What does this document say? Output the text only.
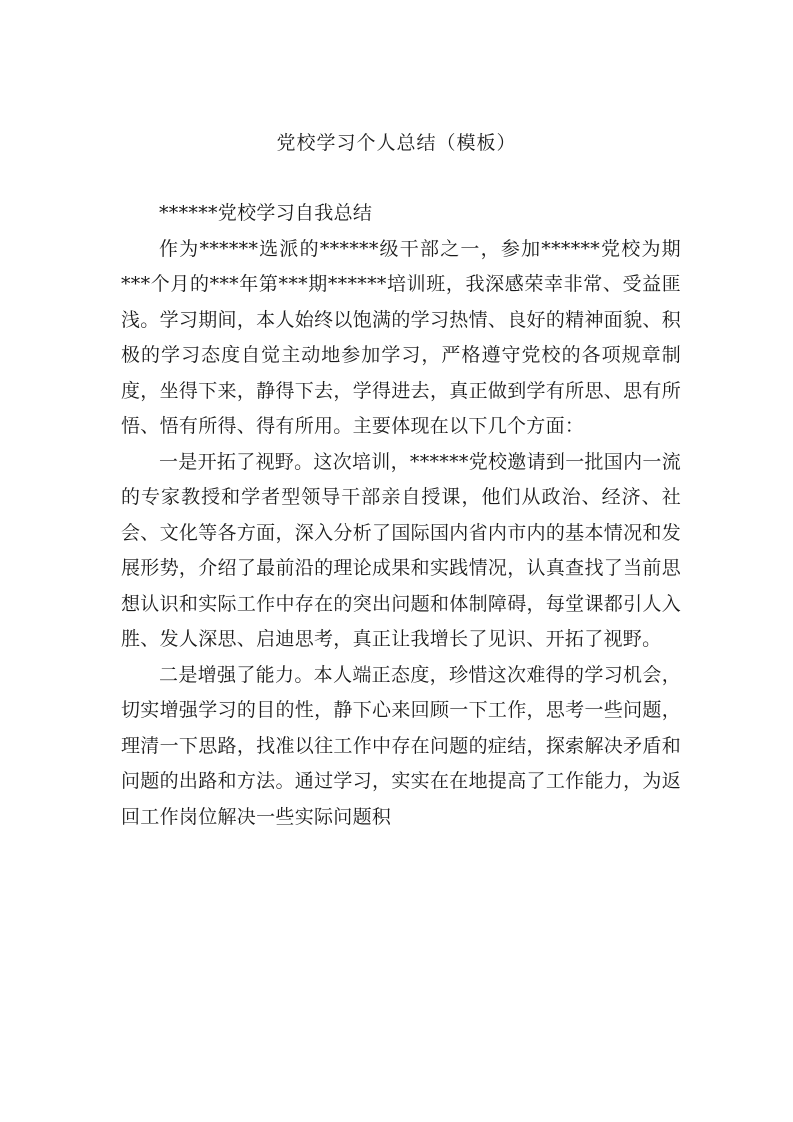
党校学习个人总结（模板）

******党校学习自我总结

作为******选派的******级干部之一，参加******党校为期***个月的***年第***期******培训班，我深感荣幸非常、受益匪浅。学习期间，本人始终以饱满的学习热情、良好的精神面貌、积极的学习态度自觉主动地参加学习，严格遵守党校的各项规章制度，坐得下来，静得下去，学得进去，真正做到学有所思、思有所悟、悟有所得、得有所用。主要体现在以下几个方面：

一是开拓了视野。这次培训，******党校邀请到一批国内一流的专家教授和学者型领导干部亲自授课，他们从政治、经济、社会、文化等各方面，深入分析了国际国内省内市内的基本情况和发展形势，介绍了最前沿的理论成果和实践情况，认真查找了当前思想认识和实际工作中存在的突出问题和体制障碍，每堂课都引人入胜、发人深思、启迪思考，真正让我增长了见识、开拓了视野。

二是增强了能力。本人端正态度，珍惜这次难得的学习机会，切实增强学习的目的性，静下心来回顾一下工作，思考一些问题，理清一下思路，找准以往工作中存在问题的症结，探索解决矛盾和问题的出路和方法。通过学习，实实在在地提高了工作能力，为返回工作岗位解决一些实际问题积
